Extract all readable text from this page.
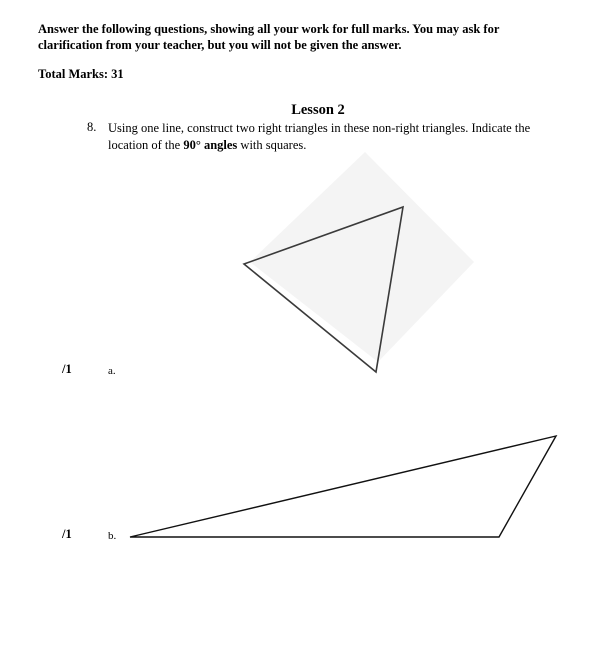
Answer the following questions, showing all your work for full marks. You may ask for clarification from your teacher, but you will not be given the answer.

Total Marks: 31

Lesson 2
8. Using one line, construct two right triangles in these non-right triangles. Indicate the location of the 90° angles with squares.

/1	a.
/1	b.
